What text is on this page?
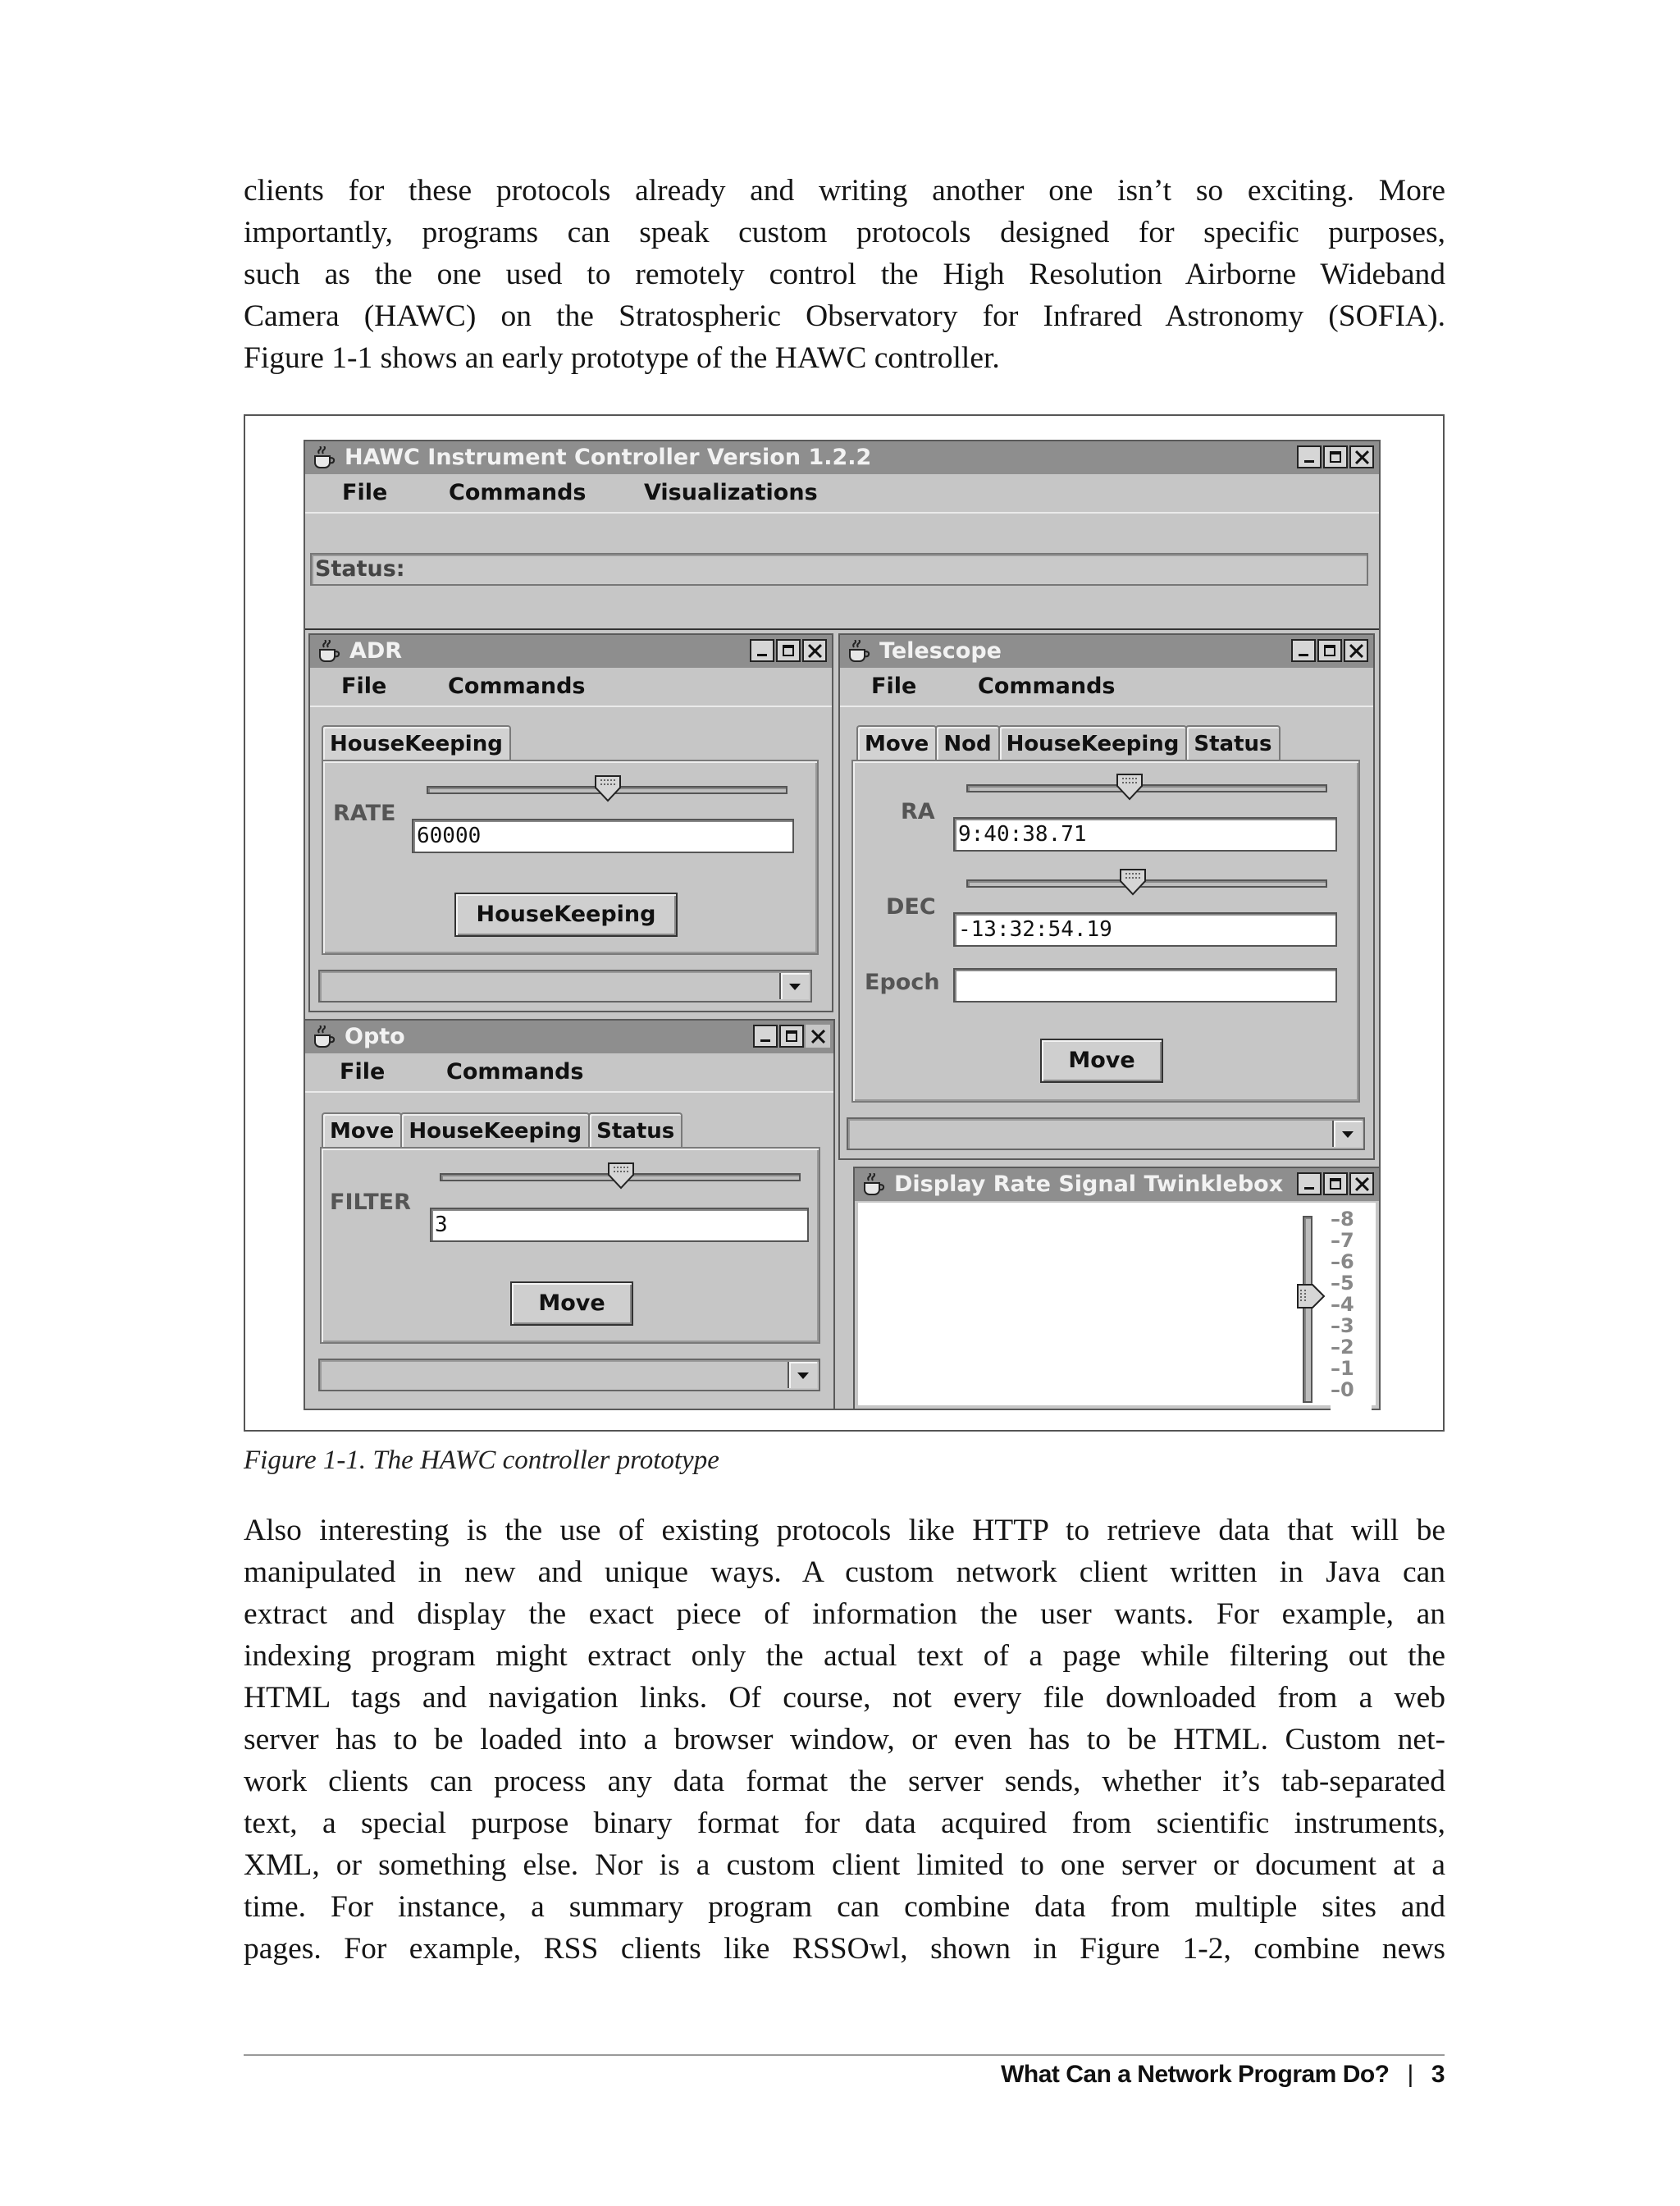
clients for these protocols already and writing another one isn’t so exciting. More
importantly, programs can speak custom protocols designed for specific purposes,
such as the one used to remotely control the High Resolution Airborne Wideband
Camera (HAWC) on the Stratospheric Observatory for Infrared Astronomy (SOFIA).
Figure 1-1 shows an early prototype of the HAWC controller.
HAWC Instrument Controller Version 1.2.2
File	Commands	Visualizations
Status:
ADR
File	Commands
HouseKeeping
RATE
60000
HouseKeeping
Telescope
File	Commands
Move Nod HouseKeeping Status
RA
9:40:38.71
DEC
-13:32:54.19
Epoch
Move
Opto
File	Commands
Move HouseKeeping Status
FILTER
3
Move
Display Rate Signal Twinklebox
–8
–7
–6
–5
–4
–3
–2
–1
–0
Figure 1-1. The HAWC controller prototype
Also interesting is the use of existing protocols like HTTP to retrieve data that will be
manipulated in new and unique ways. A custom network client written in Java can
extract and display the exact piece of information the user wants. For example, an
indexing program might extract only the actual text of a page while filtering out the
HTML tags and navigation links. Of course, not every file downloaded from a web
server has to be loaded into a browser window, or even has to be HTML. Custom net-
work clients can process any data format the server sends, whether it’s tab-separated
text, a special purpose binary format for data acquired from scientific instruments,
XML, or something else. Nor is a custom client limited to one server or document at a
time. For instance, a summary program can combine data from multiple sites and
pages. For example, RSS clients like RSSOwl, shown in Figure 1-2, combine news
What Can a Network Program Do? | 3
